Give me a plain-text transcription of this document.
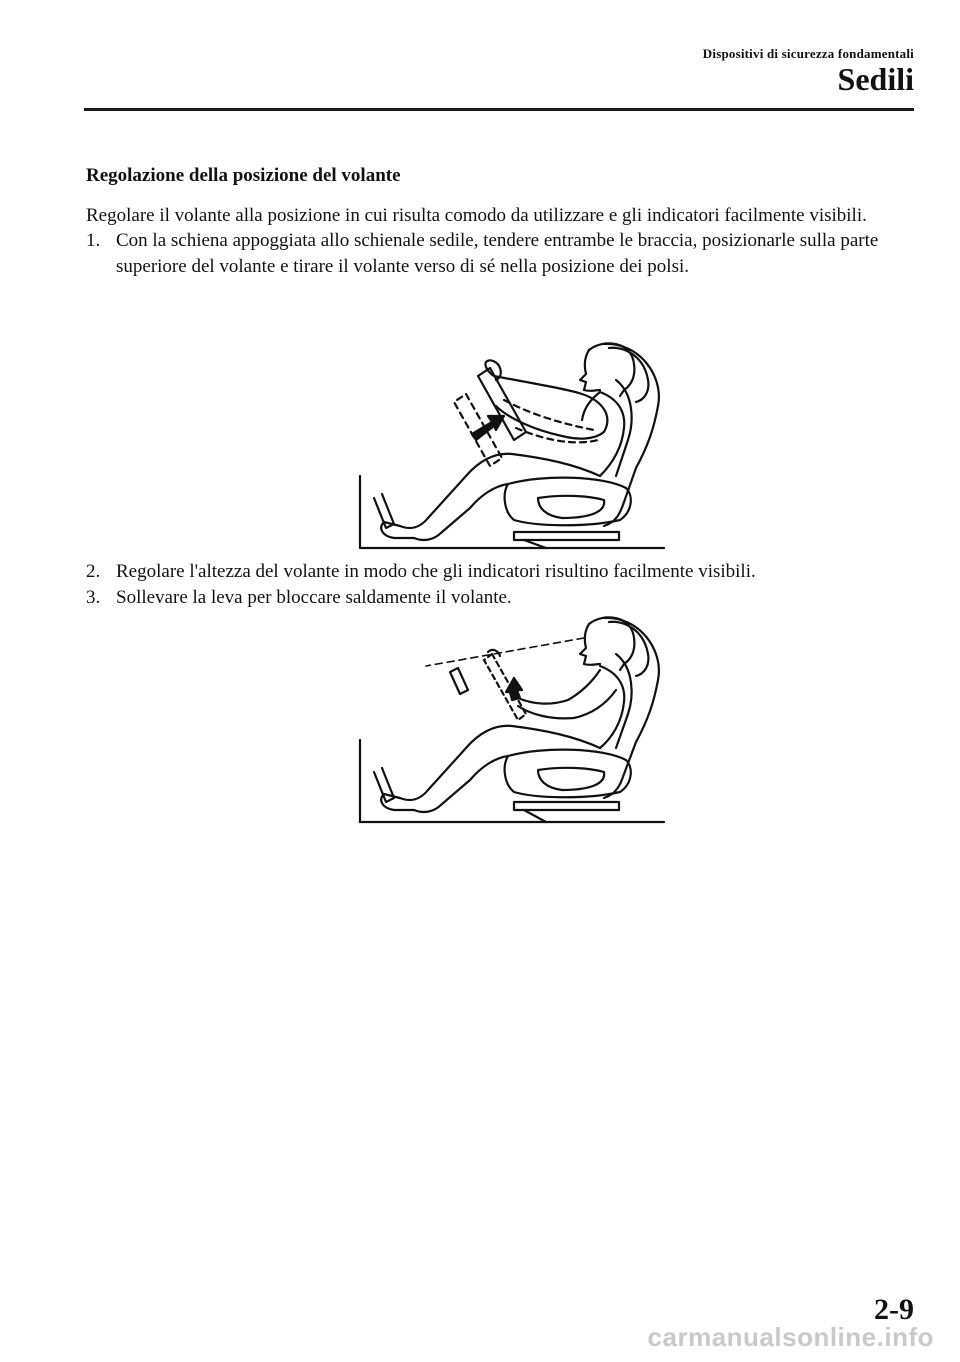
Dispositivi di sicurezza fondamentali
Sedili
Regolazione della posizione del volante
Regolare il volante alla posizione in cui risulta comodo da utilizzare e gli indicatori facilmente visibili.
1. Con la schiena appoggiata allo schienale sedile, tendere entrambe le braccia, posizionarle sulla parte superiore del volante e tirare il volante verso di sé nella posizione dei polsi.
2. Regolare l'altezza del volante in modo che gli indicatori risultino facilmente visibili.
3. Sollevare la leva per bloccare saldamente il volante.
2-9
carmanualsonline.info
